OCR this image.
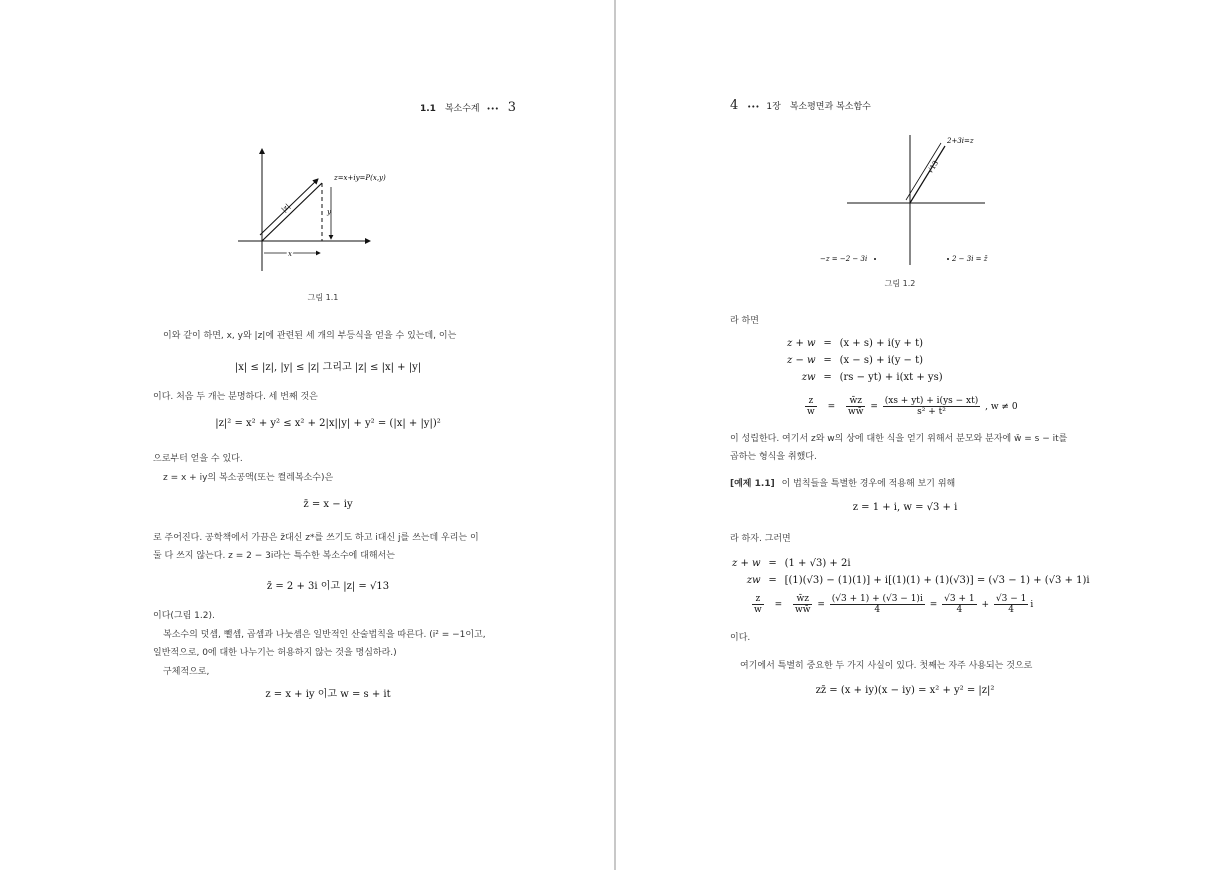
1.1 복소수계 ••• 3
z=x+iy=P(x,y)
|z|	y
x
그림 1.1
이와 같이 하면, x, y와 |z|에 관련된 세 개의 부등식을 얻을 수 있는데, 이는
|x| ≤ |z|, |y| ≤ |z| 그리고 |z| ≤ |x| + |y|
이다. 처음 두 개는 분명하다. 세 번째 것은
|z|² = x² + y² ≤ x² + 2|x||y| + y² = (|x| + |y|)²
으로부터 얻을 수 있다.
z = x + iy의 복소공액(또는 켤레복소수)은
z̄ = x − iy
로 주어진다. 공학책에서 가끔은 z̄대신 z*를 쓰기도 하고 i대신 j를 쓰는데 우리는 이
둘 다 쓰지 않는다. z = 2 − 3i라는 특수한 복소수에 대해서는
z̄ = 2 + 3i 이고 |z| = √13
이다(그림 1.2).
복소수의 덧셈, 뺄셈, 곱셈과 나눗셈은 일반적인 산술법칙을 따른다. (i² = −1이고,
일반적으로, 0에 대한 나누기는 허용하지 않는 것을 명심하라.)
구체적으로,
z = x + iy 이고 w = s + it
4 ••• 1장 복소평면과 복소함수
2+3i=z
√13
−z = −2 − 3i	2 − 3i = z̄
그림 1.2
라 하면
z + w = (x + s) + i(y + t)
z − w = (x − s) + i(y − t)
zw = (rs − yt) + i(xt + ys)
$\frac{z}{w} = \frac{w̄z}{ww̄} = \frac{(xs + yt) + i(ys - xt)}{\text{s² + t²}}$ , w ≠ 0
이 성립한다. 여기서 z와 w의 상에 대한 식을 얻기 위해서 분모와 분자에 w̄ = s − it를
곱하는 형식을 취했다.
[예제 1.1] 이 법칙들을 특별한 경우에 적용해 보기 위해
z = 1 + i, w = √3 + i
라 하자. 그러면
z + w = (1 + √3) + 2i
zw = [(1)(√3) − (1)(1)] + i[(1)(1) + (1)(√3)] = (√3 − 1) + (√3 + 1)i
$\frac{z}{w} = \frac{w̄z}{ww̄} = \frac{(√3 + 1) + (√3 - 1)i}{4} = \frac{√3 + 1}{4} + \frac{√3 - 1}{4}$ i
이다.
여기에서 특별히 중요한 두 가지 사실이 있다. 첫째는 자주 사용되는 것으로
zz̄ = (x + iy)(x − iy) = x² + y² = |z|²
